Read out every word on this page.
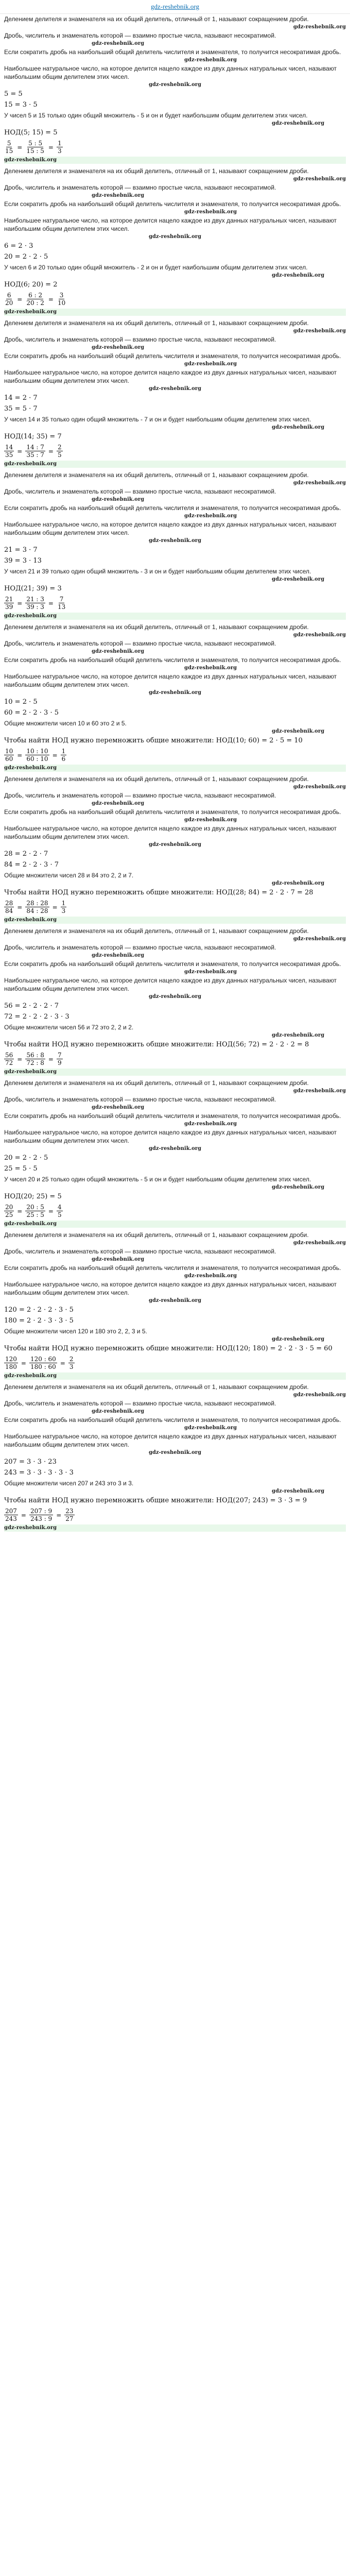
gdz-reshebnik.org
Делением делителя и знаменателя на их общий делитель, отличный от 1, называют сокращением дроби.
gdz-reshebnik.org
Дробь, числитель и знаменатель которой — взаимно простые числа, называют несократимой.
gdz-reshebnik.org
Если сократить дробь на наибольший общий делитель числителя и знаменателя, то получится несократимая дробь.
gdz-reshebnik.org
Наибольшее натуральное число, на которое делится нацело каждое из двух данных натуральных чисел, называют наибольшим общим делителем этих чисел.
gdz-reshebnik.org
5 = 5
15 = 3 · 5
У чисел 5 и 15 только один общий множитель - 5 и он и будет наибольшим общим делителем этих чисел.
gdz-reshebnik.org
НОД(5; 15) = 5
$\frac{5}{15} = \frac{5 : 5}{15 : 5} = \frac{1}{3}$
gdz-reshebnik.org
Делением делителя и знаменателя на их общий делитель, отличный от 1, называют сокращением дроби.
gdz-reshebnik.org
Дробь, числитель и знаменатель которой — взаимно простые числа, называют несократимой.
gdz-reshebnik.org
Если сократить дробь на наибольший общий делитель числителя и знаменателя, то получится несократимая дробь.
gdz-reshebnik.org
Наибольшее натуральное число, на которое делится нацело каждое из двух данных натуральных чисел, называют наибольшим общим делителем этих чисел.
gdz-reshebnik.org
6 = 2 · 3
20 = 2 · 2 · 5
У чисел 6 и 20 только один общий множитель - 2 и он и будет наибольшим общим делителем этих чисел.
gdz-reshebnik.org
НОД(6; 20) = 2
$\frac{6}{20} = \frac{6 : 2}{20 : 2} = \frac{3}{10}$
gdz-reshebnik.org
Делением делителя и знаменателя на их общий делитель, отличный от 1, называют сокращением дроби.
gdz-reshebnik.org
Дробь, числитель и знаменатель которой — взаимно простые числа, называют несократимой.
gdz-reshebnik.org
Если сократить дробь на наибольший общий делитель числителя и знаменателя, то получится несократимая дробь.
gdz-reshebnik.org
Наибольшее натуральное число, на которое делится нацело каждое из двух данных натуральных чисел, называют наибольшим общим делителем этих чисел.
gdz-reshebnik.org
14 = 2 · 7
35 = 5 · 7
У чисел 14 и 35 только один общий множитель - 7 и он и будет наибольшим общим делителем этих чисел.
gdz-reshebnik.org
НОД(14; 35) = 7
$\frac{14}{35} = \frac{14 : 7}{35 : 7} = \frac{2}{5}$
gdz-reshebnik.org
Делением делителя и знаменателя на их общий делитель, отличный от 1, называют сокращением дроби.
gdz-reshebnik.org
Дробь, числитель и знаменатель которой — взаимно простые числа, называют несократимой.
gdz-reshebnik.org
Если сократить дробь на наибольший общий делитель числителя и знаменателя, то получится несократимая дробь.
gdz-reshebnik.org
Наибольшее натуральное число, на которое делится нацело каждое из двух данных натуральных чисел, называют наибольшим общим делителем этих чисел.
gdz-reshebnik.org
21 = 3 · 7
39 = 3 · 13
У чисел 21 и 39 только один общий множитель - 3 и он и будет наибольшим общим делителем этих чисел.
gdz-reshebnik.org
НОД(21; 39) = 3
$\frac{21}{39} = \frac{21 : 3}{39 : 3} = \frac{7}{13}$
gdz-reshebnik.org
Делением делителя и знаменателя на их общий делитель, отличный от 1, называют сокращением дроби.
gdz-reshebnik.org
Дробь, числитель и знаменатель которой — взаимно простые числа, называют несократимой.
gdz-reshebnik.org
Если сократить дробь на наибольший общий делитель числителя и знаменателя, то получится несократимая дробь.
gdz-reshebnik.org
Наибольшее натуральное число, на которое делится нацело каждое из двух данных натуральных чисел, называют наибольшим общим делителем этих чисел.
gdz-reshebnik.org
10 = 2 · 5
60 = 2 · 2 · 3 · 5
Общие множители чисел 10 и 60 это 2 и 5.
gdz-reshebnik.org
Чтобы найти НОД нужно перемножить общие множители: НОД(10; 60) = 2 · 5 = 10
$\frac{10}{60} = \frac{10 : 10}{60 : 10} = \frac{1}{6}$
gdz-reshebnik.org
Делением делителя и знаменателя на их общий делитель, отличный от 1, называют сокращением дроби.
gdz-reshebnik.org
Дробь, числитель и знаменатель которой — взаимно простые числа, называют несократимой.
gdz-reshebnik.org
Если сократить дробь на наибольший общий делитель числителя и знаменателя, то получится несократимая дробь.
gdz-reshebnik.org
Наибольшее натуральное число, на которое делится нацело каждое из двух данных натуральных чисел, называют наибольшим общим делителем этих чисел.
gdz-reshebnik.org
28 = 2 · 2 · 7
84 = 2 · 2 · 3 · 7
Общие множители чисел 28 и 84 это 2, 2 и 7.
gdz-reshebnik.org
Чтобы найти НОД нужно перемножить общие множители: НОД(28; 84) = 2 · 2 · 7 = 28
$\frac{28}{84} = \frac{28 : 28}{84 : 28} = \frac{1}{3}$
gdz-reshebnik.org
Делением делителя и знаменателя на их общий делитель, отличный от 1, называют сокращением дроби.
gdz-reshebnik.org
Дробь, числитель и знаменатель которой — взаимно простые числа, называют несократимой.
gdz-reshebnik.org
Если сократить дробь на наибольший общий делитель числителя и знаменателя, то получится несократимая дробь.
gdz-reshebnik.org
Наибольшее натуральное число, на которое делится нацело каждое из двух данных натуральных чисел, называют наибольшим общим делителем этих чисел.
gdz-reshebnik.org
56 = 2 · 2 · 2 · 7
72 = 2 · 2 · 2 · 3 · 3
Общие множители чисел 56 и 72 это 2, 2 и 2.
gdz-reshebnik.org
Чтобы найти НОД нужно перемножить общие множители: НОД(56; 72) = 2 · 2 · 2 = 8
$\frac{56}{72} = \frac{56 : 8}{72 : 8} = \frac{7}{9}$
gdz-reshebnik.org
Делением делителя и знаменателя на их общий делитель, отличный от 1, называют сокращением дроби.
gdz-reshebnik.org
Дробь, числитель и знаменатель которой — взаимно простые числа, называют несократимой.
gdz-reshebnik.org
Если сократить дробь на наибольший общий делитель числителя и знаменателя, то получится несократимая дробь.
gdz-reshebnik.org
Наибольшее натуральное число, на которое делится нацело каждое из двух данных натуральных чисел, называют наибольшим общим делителем этих чисел.
gdz-reshebnik.org
20 = 2 · 2 · 5
25 = 5 · 5
У чисел 20 и 25 только один общий множитель - 5 и он и будет наибольшим общим делителем этих чисел.
gdz-reshebnik.org
НОД(20; 25) = 5
$\frac{20}{25} = \frac{20 : 5}{25 : 5} = \frac{4}{5}$
gdz-reshebnik.org
Делением делителя и знаменателя на их общий делитель, отличный от 1, называют сокращением дроби.
gdz-reshebnik.org
Дробь, числитель и знаменатель которой — взаимно простые числа, называют несократимой.
gdz-reshebnik.org
Если сократить дробь на наибольший общий делитель числителя и знаменателя, то получится несократимая дробь.
gdz-reshebnik.org
Наибольшее натуральное число, на которое делится нацело каждое из двух данных натуральных чисел, называют наибольшим общим делителем этих чисел.
gdz-reshebnik.org
120 = 2 · 2 · 2 · 3 · 5
180 = 2 · 2 · 3 · 3 · 5
Общие множители чисел 120 и 180 это 2, 2, 3 и 5.
gdz-reshebnik.org
Чтобы найти НОД нужно перемножить общие множители: НОД(120; 180) = 2 · 2 · 3 · 5 = 60
$\frac{120}{180} = \frac{120 : 60}{180 : 60} = \frac{2}{3}$
gdz-reshebnik.org
Делением делителя и знаменателя на их общий делитель, отличный от 1, называют сокращением дроби.
gdz-reshebnik.org
Дробь, числитель и знаменатель которой — взаимно простые числа, называют несократимой.
gdz-reshebnik.org
Если сократить дробь на наибольший общий делитель числителя и знаменателя, то получится несократимая дробь.
gdz-reshebnik.org
Наибольшее натуральное число, на которое делится нацело каждое из двух данных натуральных чисел, называют наибольшим общим делителем этих чисел.
gdz-reshebnik.org
207 = 3 · 3 · 23
243 = 3 · 3 · 3 · 3 · 3
Общие множители чисел 207 и 243 это 3 и 3.
gdz-reshebnik.org
Чтобы найти НОД нужно перемножить общие множители: НОД(207; 243) = 3 · 3 = 9
$\frac{207}{243} = \frac{207 : 9}{243 : 9} = \frac{23}{27}$
gdz-reshebnik.org
